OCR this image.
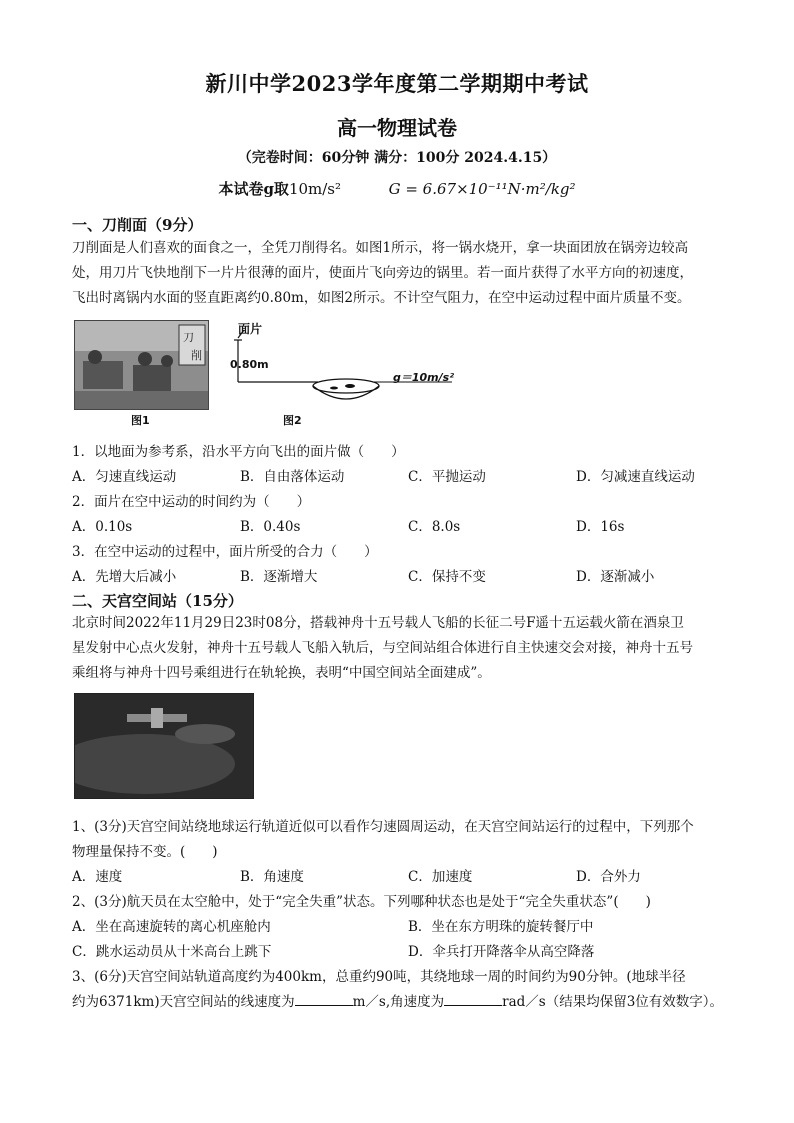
新川中学2023学年度第二学期期中考试
高一物理试卷
（完卷时间：60分钟 满分：100分 2024.4.15）
本试卷g取10m/s²	G = 6.67×10⁻¹¹N·m²/kg²
一、刀削面（9分）
刀削面是人们喜欢的面食之一，全凭刀削得名。如图1所示，将一锅水烧开，拿一块面团放在锅旁边较高
处，用刀片飞快地削下一片片很薄的面片，使面片飞向旁边的锅里。若一面片获得了水平方向的初速度，
飞出时离锅内水面的竖直距离约0.80m，如图2所示。不计空气阻力，在空中运动过程中面片质量不变。
刀
削
图1
面片
0.80m
g＝10m/s²
图2
1．以地面为参考系，沿水平方向飞出的面片做（　　）
A．匀速直线运动	B．自由落体运动	C．平抛运动	D．匀减速直线运动
2．面片在空中运动的时间约为（　　）
A．0.10s	B．0.40s	C．8.0s	D．16s
3．在空中运动的过程中，面片所受的合力（　　）
A．先增大后减小	B．逐渐增大	C．保持不变	D．逐渐减小
二、天宫空间站（15分）
北京时间2022年11月29日23时08分，搭载神舟十五号载人飞船的长征二号F遥十五运载火箭在酒泉卫
星发射中心点火发射，神舟十五号载人飞船入轨后，与空间站组合体进行自主快速交会对接，神舟十五号
乘组将与神舟十四号乘组进行在轨轮换，表明“中国空间站全面建成”。
1、(3分)天宫空间站绕地球运行轨道近似可以看作匀速圆周运动，在天宫空间站运行的过程中，下列那个
物理量保持不变。(　　)
A．速度	B．角速度	C．加速度	D．合外力
2、(3分)航天员在太空舱中，处于“完全失重”状态。下列哪种状态也是处于“完全失重状态”(　　)
A．坐在高速旋转的离心机座舱内	B．坐在东方明珠的旋转餐厅中
C．跳水运动员从十米高台上跳下	D．伞兵打开降落伞从高空降落
3、(6分)天宫空间站轨道高度约为400km，总重约90吨，其绕地球一周的时间约为90分钟。(地球半径
约为6371km)天宫空间站的线速度为	m／s,角速度为	rad／s（结果均保留3位有效数字）。
